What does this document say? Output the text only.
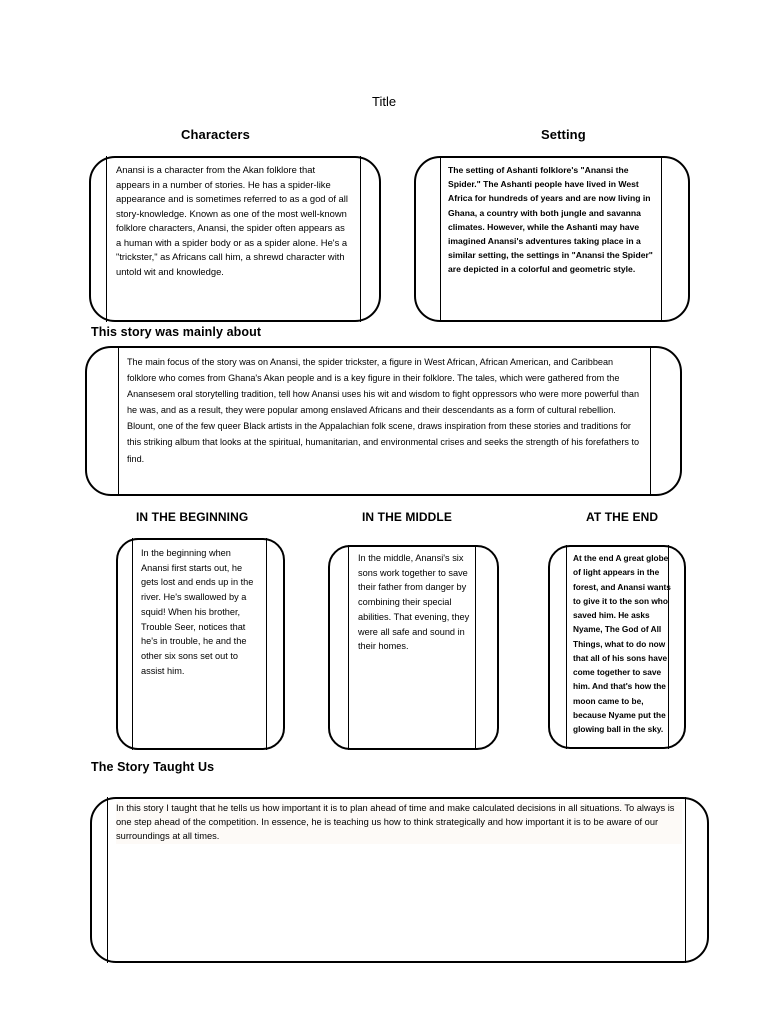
Title
Characters	Setting
Anansi is a character from the Akan folklore that appears in a number of stories. He has a spider-like appearance and is sometimes referred to as a god of all story-knowledge. Known as one of the most well-known folklore characters, Anansi, the spider often appears as a human with a spider body or as a spider alone. He's a "trickster," as Africans call him, a shrewd character with untold wit and knowledge.
The setting of Ashanti folklore's "Anansi the Spider." The Ashanti people have lived in West Africa for hundreds of years and are now living in Ghana, a country with both jungle and savanna climates. However, while the Ashanti may have imagined Anansi's adventures taking place in a similar setting, the settings in "Anansi the Spider" are depicted in a colorful and geometric style.
This story was mainly about
The main focus of the story was on Anansi, the spider trickster, a figure in West African, African American, and Caribbean folklore who comes from Ghana's Akan people and is a key figure in their folklore. The tales, which were gathered from the Anansesem oral storytelling tradition, tell how Anansi uses his wit and wisdom to fight oppressors who were more powerful than he was, and as a result, they were popular among enslaved Africans and their descendants as a form of cultural rebellion. Blount, one of the few queer Black artists in the Appalachian folk scene, draws inspiration from these stories and traditions for this striking album that looks at the spiritual, humanitarian, and environmental crises and seeks the strength of his forefathers to find.
IN THE BEGINNING	IN THE MIDDLE	AT THE END
In the beginning when Anansi first starts out, he gets lost and ends up in the river. He's swallowed by a squid! When his brother, Trouble Seer, notices that he's in trouble, he and the other six sons set out to assist him.
In the middle, Anansi's six sons work together to save their father from danger by combining their special abilities. That evening, they were all safe and sound in their homes.
At the end A great globe of light appears in the forest, and Anansi wants to give it to the son who saved him. He asks Nyame, The God of All Things, what to do now that all of his sons have come together to save him. And that's how the moon came to be, because Nyame put the glowing ball in the sky.
The Story Taught Us
In this story I taught that he tells us how important it is to plan ahead of time and make calculated decisions in all situations. To always is one step ahead of the competition. In essence, he is teaching us how to think strategically and how important it is to be aware of our surroundings at all times.
